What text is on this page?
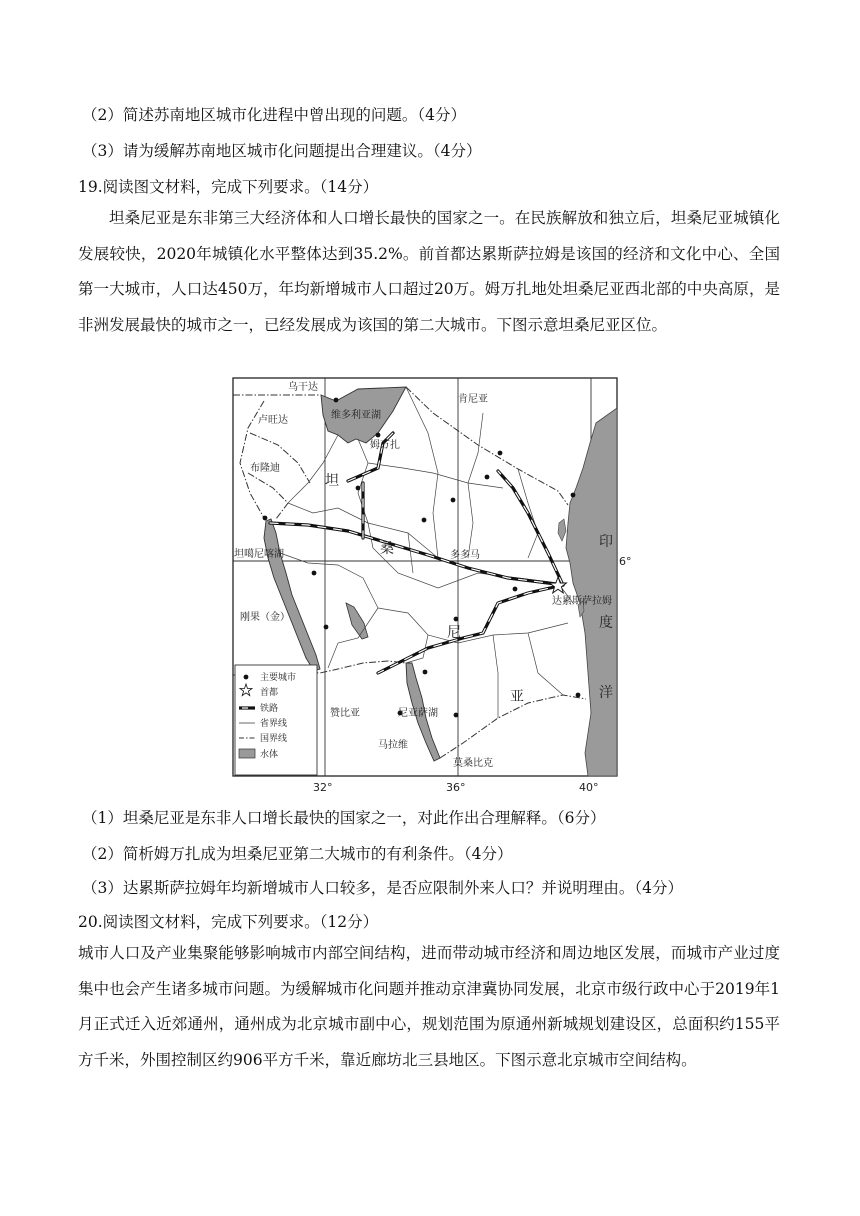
（2）简述苏南地区城市化进程中曾出现的问题。（4分）
（3）请为缓解苏南地区城市化问题提出合理建议。（4分）
19.阅读图文材料，完成下列要求。（14分）
坦桑尼亚是东非第三大经济体和人口增长最快的国家之一。在民族解放和独立后，坦桑尼亚城镇化发展较快，2020年城镇化水平整体达到35.2%。前首都达累斯萨拉姆是该国的经济和文化中心、全国第一大城市，人口达450万，年均新增城市人口超过20万。姆万扎地处坦桑尼亚西北部的中央高原，是非洲发展最快的城市之一，已经发展成为该国的第二大城市。下图示意坦桑尼亚区位。
乌干达
肯尼亚
卢旺达
布隆迪
刚果（金）
赞比亚
马拉维
莫桑比克
维多利亚湖
坦噶尼喀湖
尼亚萨湖
姆万扎
多多马
达累斯萨拉姆
印
度
洋
坦
桑
尼
亚
32°	36°	40°
6°
主要城市
首都
铁路
省界线
国界线
水体
（1）坦桑尼亚是东非人口增长最快的国家之一，对此作出合理解释。（6分）
（2）简析姆万扎成为坦桑尼亚第二大城市的有利条件。（4分）
（3）达累斯萨拉姆年均新增城市人口较多，是否应限制外来人口？并说明理由。（4分）
20.阅读图文材料，完成下列要求。（12分）
城市人口及产业集聚能够影响城市内部空间结构，进而带动城市经济和周边地区发展，而城市产业过度集中也会产生诸多城市问题。为缓解城市化问题并推动京津冀协同发展，北京市级行政中心于2019年1月正式迁入近郊通州，通州成为北京城市副中心，规划范围为原通州新城规划建设区，总面积约155平方千米，外围控制区约906平方千米，靠近廊坊北三县地区。下图示意北京城市空间结构。
